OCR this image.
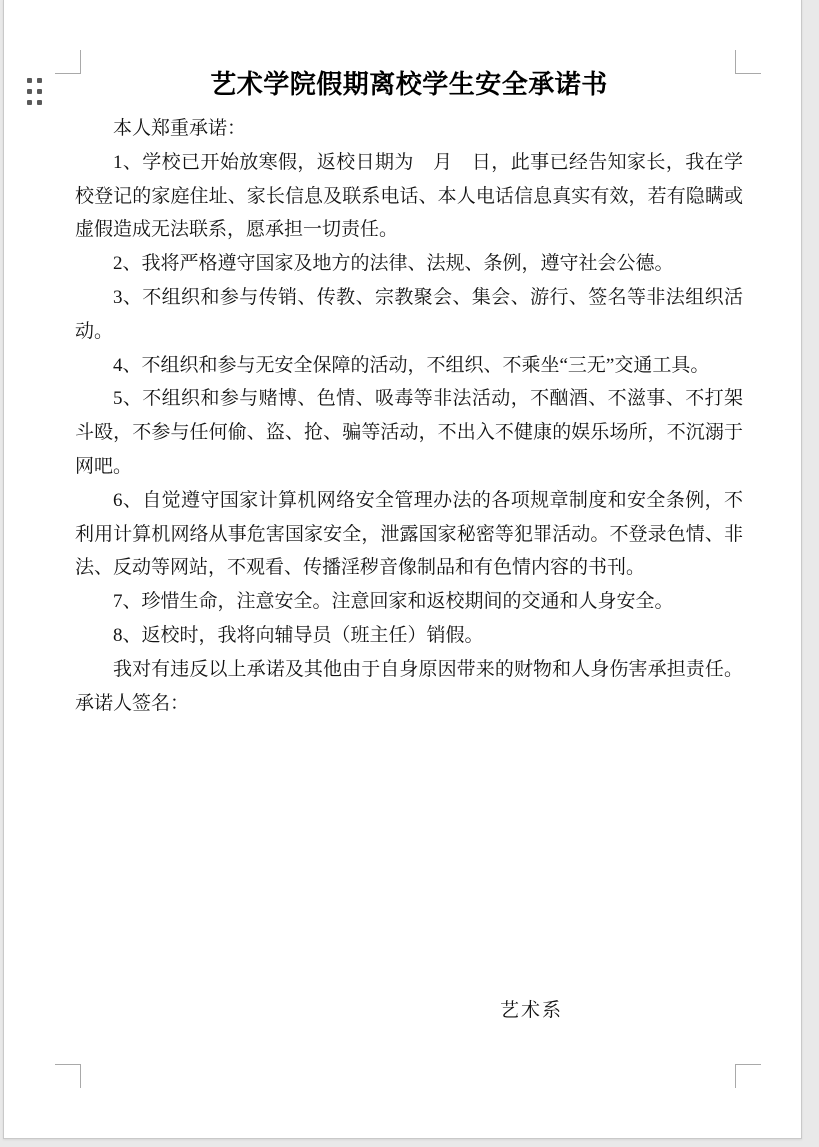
艺术学院假期离校学生安全承诺书

本人郑重承诺：

1、学校已开始放寒假，返校日期为　月　日，此事已经告知家长，我在学校登记的家庭住址、家长信息及联系电话、本人电话信息真实有效，若有隐瞒或虚假造成无法联系，愿承担一切责任。

2、我将严格遵守国家及地方的法律、法规、条例，遵守社会公德。

3、不组织和参与传销、传教、宗教聚会、集会、游行、签名等非法组织活动。

4、不组织和参与无安全保障的活动，不组织、不乘坐“三无”交通工具。

5、不组织和参与赌博、色情、吸毒等非法活动，不酗酒、不滋事、不打架斗殴，不参与任何偷、盗、抢、骗等活动，不出入不健康的娱乐场所，不沉溺于网吧。

6、自觉遵守国家计算机网络安全管理办法的各项规章制度和安全条例，不利用计算机网络从事危害国家安全，泄露国家秘密等犯罪活动。不登录色情、非法、反动等网站，不观看、传播淫秽音像制品和有色情内容的书刊。

7、珍惜生命，注意安全。注意回家和返校期间的交通和人身安全。

8、返校时，我将向辅导员（班主任）销假。

我对有违反以上承诺及其他由于自身原因带来的财物和人身伤害承担责任。承诺人签名：

艺术系
